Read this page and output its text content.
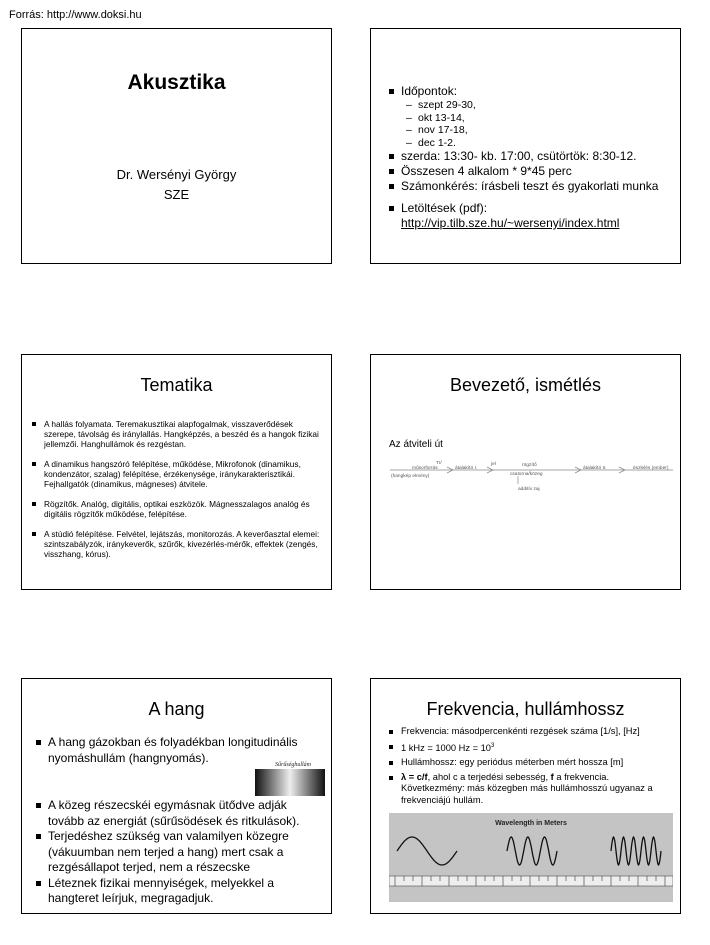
Forrás: http://www.doksi.hu
Akusztika
Dr. Wersényi György
SZE
Időpontok:
– szept 29-30,
– okt 13-14,
– nov 17-18,
– dec 1-2.
szerda: 13:30- kb. 17:00, csütörtök: 8:30-12.
Összesen 4 alkalom * 9*45 perc
Számonkérés: írásbeli teszt és gyakorlati munka
Letöltések (pdf):
http://vip.tilb.sze.hu/~wersenyi/index.html
Tematika
A hallás folyamata. Teremakusztikai alapfogalmak, visszaverődések szerepe, távolság és iránylallás. Hangképzés, a beszéd és a hangok fizikai jellemzői. Hanghullámok és rezgéstan.
A dinamikus hangszóró felépítése, működése, Mikrofonok (dinamikus, kondenzátor, szalag) felépítése, érzékenysége, iránykarakterisztikái. Fejhallgatók (dinamikus, mágneses) átvitele.
Rögzítők. Analóg, digitális, optikai eszközök. Mágnesszalagos analóg és digitális rögzítők működése, felépítése.
A stúdió felépítése. Felvétel, lejátszás, monitorozás. A keverőasztal elemei: szintszabályzók, iránykeverők, szűrők, kivezérlés-mérők, effektek (zengés, visszhang, kórus).
Bevezető, ismétlés
Az átviteli út
műsorforrás
(hangkép elmény)
Tr/
átalakító I.
jel	rögzítő
csatorna/közeg
additív zaj
átalakító II.	észlelés (ember)
A hang
A hang gázokban és folyadékban longitudinális nyomáshullám (hangnyomás).
A közeg részecskéi egymásnak ütődve adják tovább az energiát (sűrűsödések és ritkulások).
Terjedéshez szükség van valamilyen közegre (vákuumban nem terjed a hang) mert csak a rezgésállapot terjed, nem a részecske
Léteznek fizikai mennyiségek, melyekkel a hangteret leírjuk, megragadjuk.
Sűrűséghullám
Frekvencia, hullámhossz
Frekvencia: másodpercenkénti rezgések száma [1/s], [Hz]
1 kHz = 1000 $Hz = 10^3$
Hullámhossz: egy periódus méterben mért hossza [m]
λ = c/f, ahol c a terjedési sebesség, f a frekvencia. Következmény: más közegben más hullámhosszú ugyanaz a frekvenciájú hullám.
Wavelength in Meters
